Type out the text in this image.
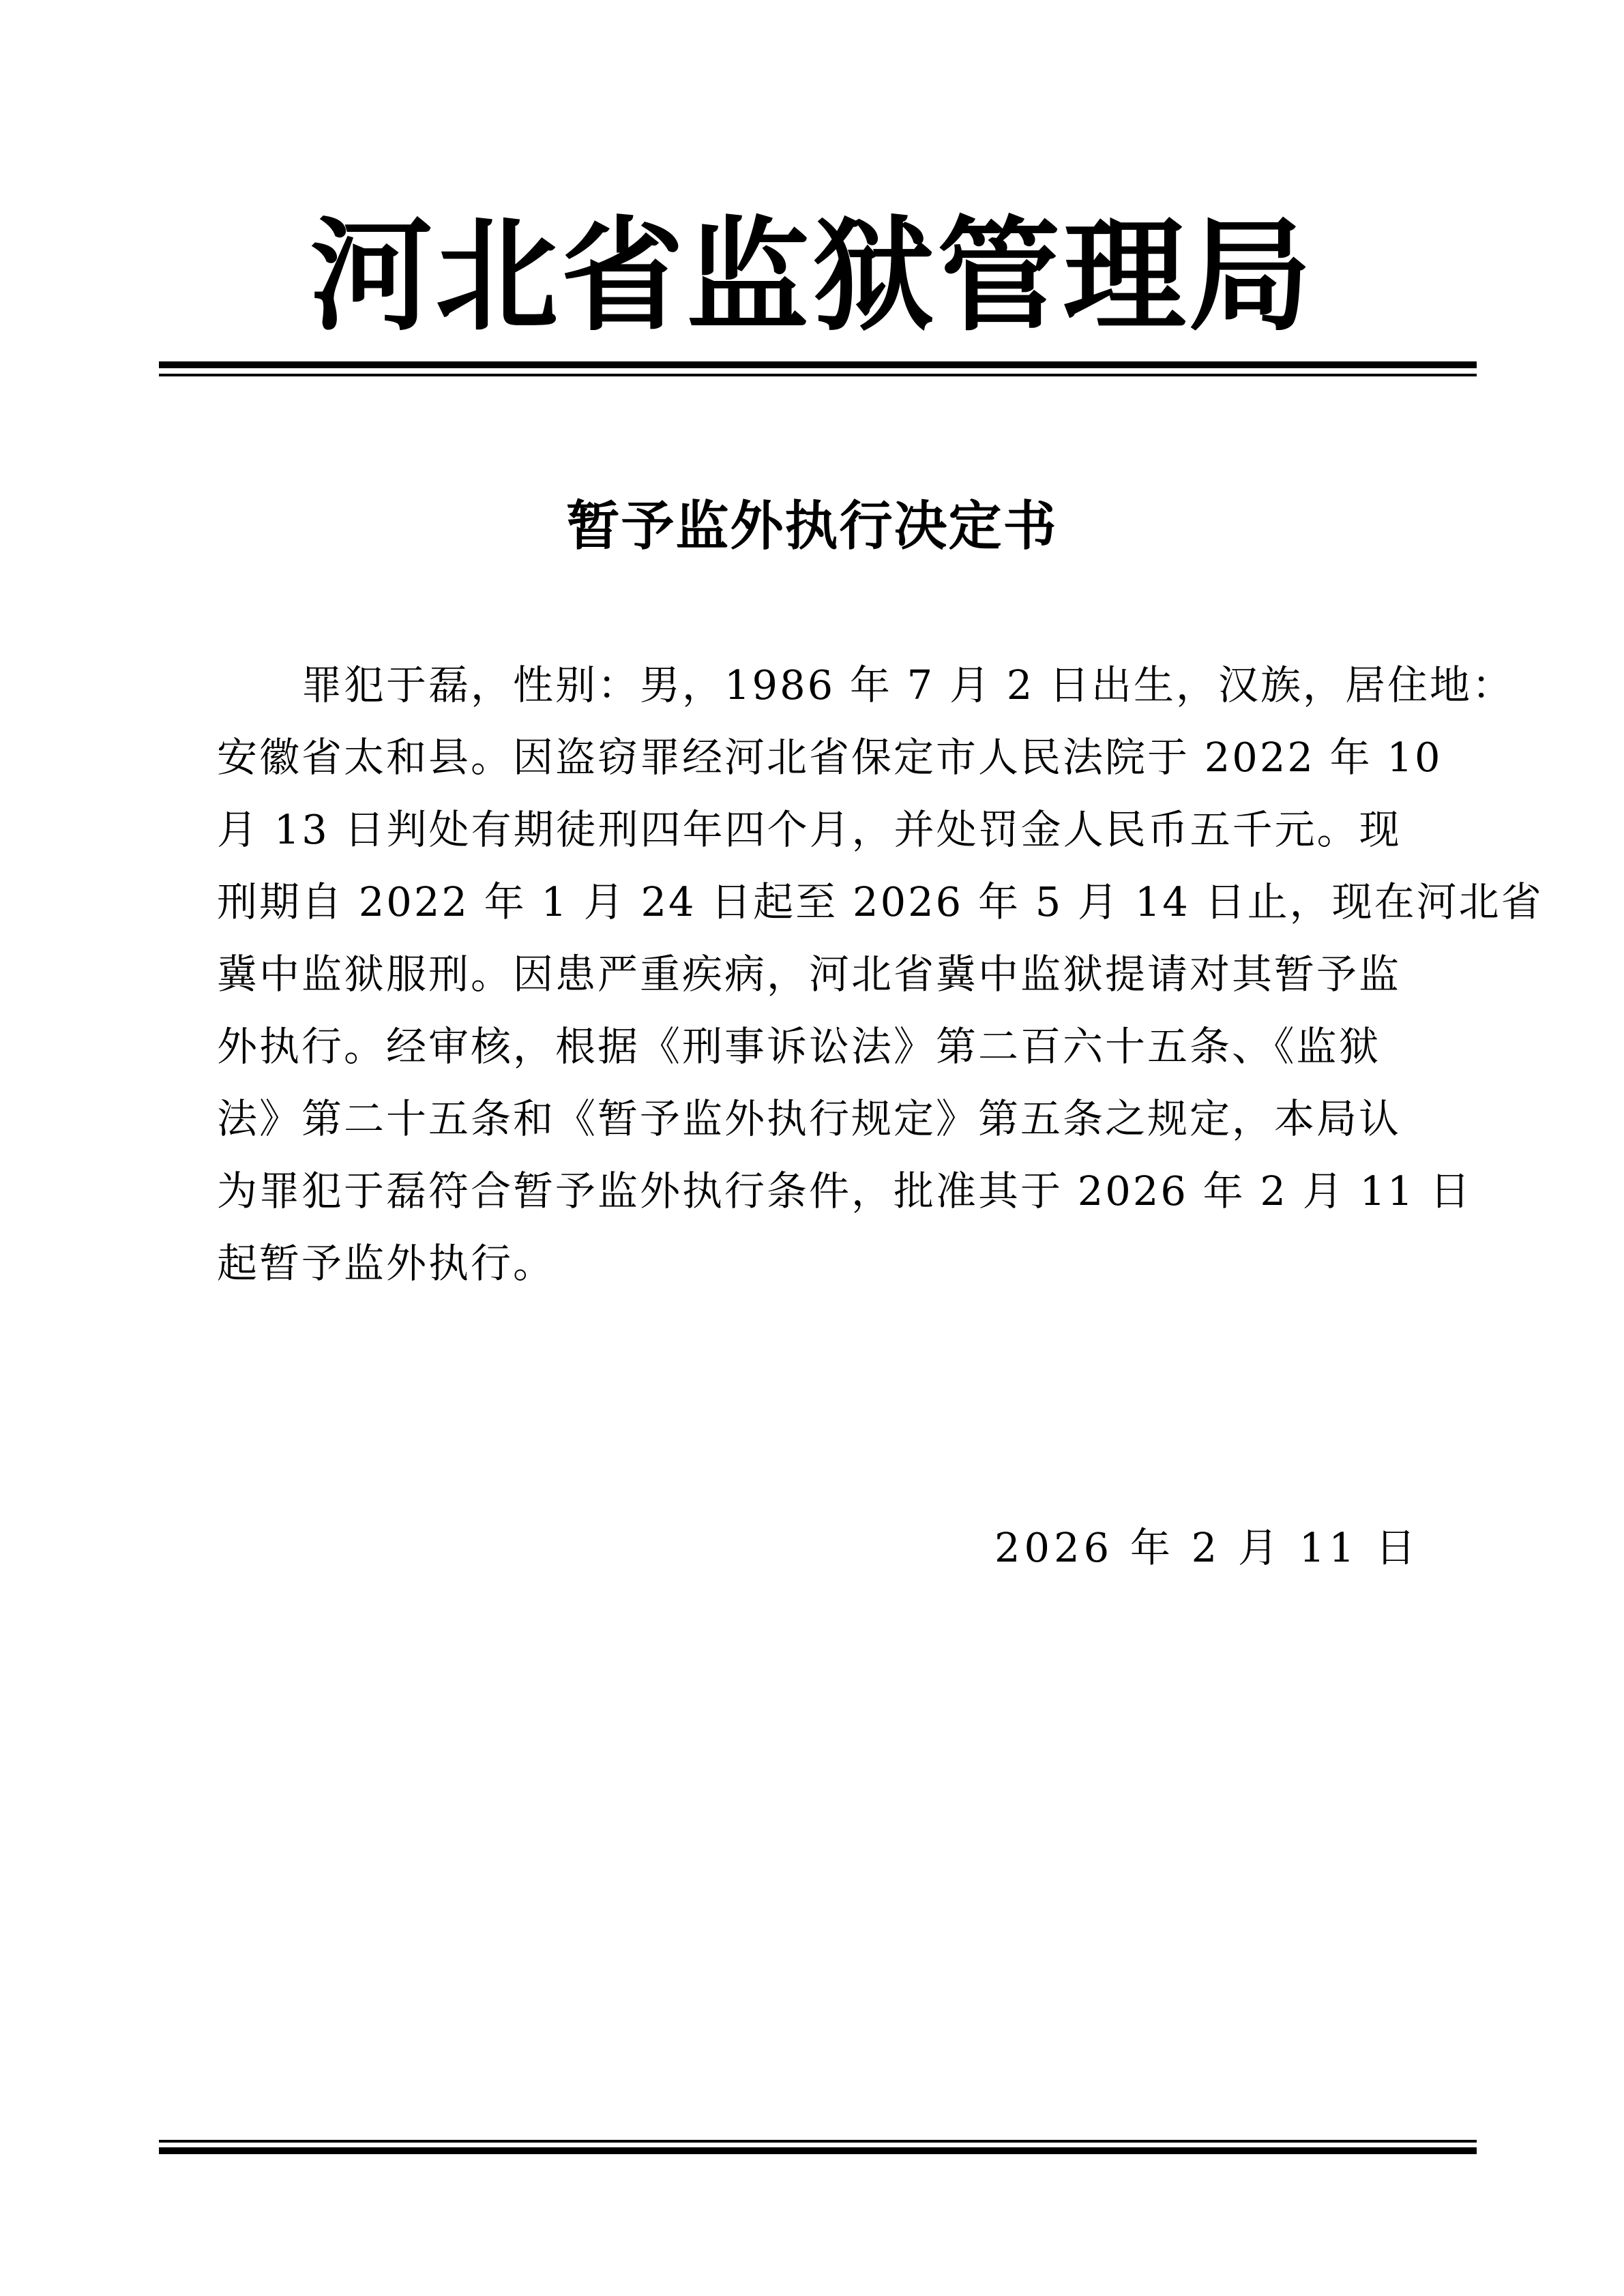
河北省监狱管理局
暂予监外执行决定书
　　罪犯于磊，性别：男，1986 年 7 月 2 日出生，汉族，居住地：
安徽省太和县。因盗窃罪经河北省保定市人民法院于 2022 年 10
月 13 日判处有期徒刑四年四个月，并处罚金人民币五千元。现
刑期自 2022 年 1 月 24 日起至 2026 年 5 月 14 日止，现在河北省
冀中监狱服刑。因患严重疾病，河北省冀中监狱提请对其暂予监
外执行。经审核，根据《刑事诉讼法》第二百六十五条、《监狱
法》第二十五条和《暂予监外执行规定》第五条之规定，本局认
为罪犯于磊符合暂予监外执行条件，批准其于 2026 年 2 月 11 日
起暂予监外执行。
2026 年 2 月 11 日
